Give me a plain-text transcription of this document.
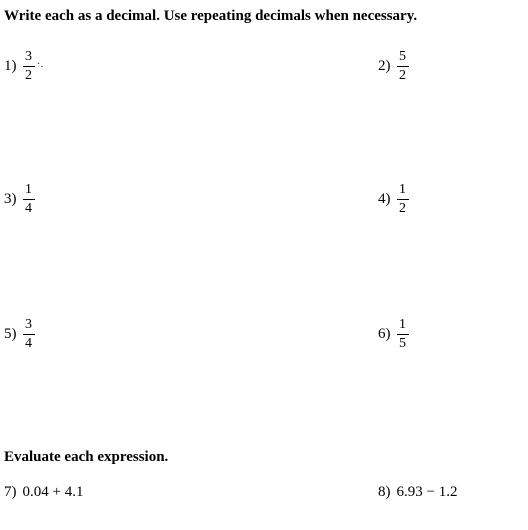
Write each as a decimal. Use repeating decimals when necessary.
$1) \frac{3}{2}$ ·.	$2) \frac{5}{2}$
$3) \frac{1}{4}$	$4) \frac{1}{2}$
$5) \frac{3}{4}$	$6) \frac{1}{5}$
Evaluate each expression.
7) 0.04 + 4.1	8) 6.93 − 1.2
